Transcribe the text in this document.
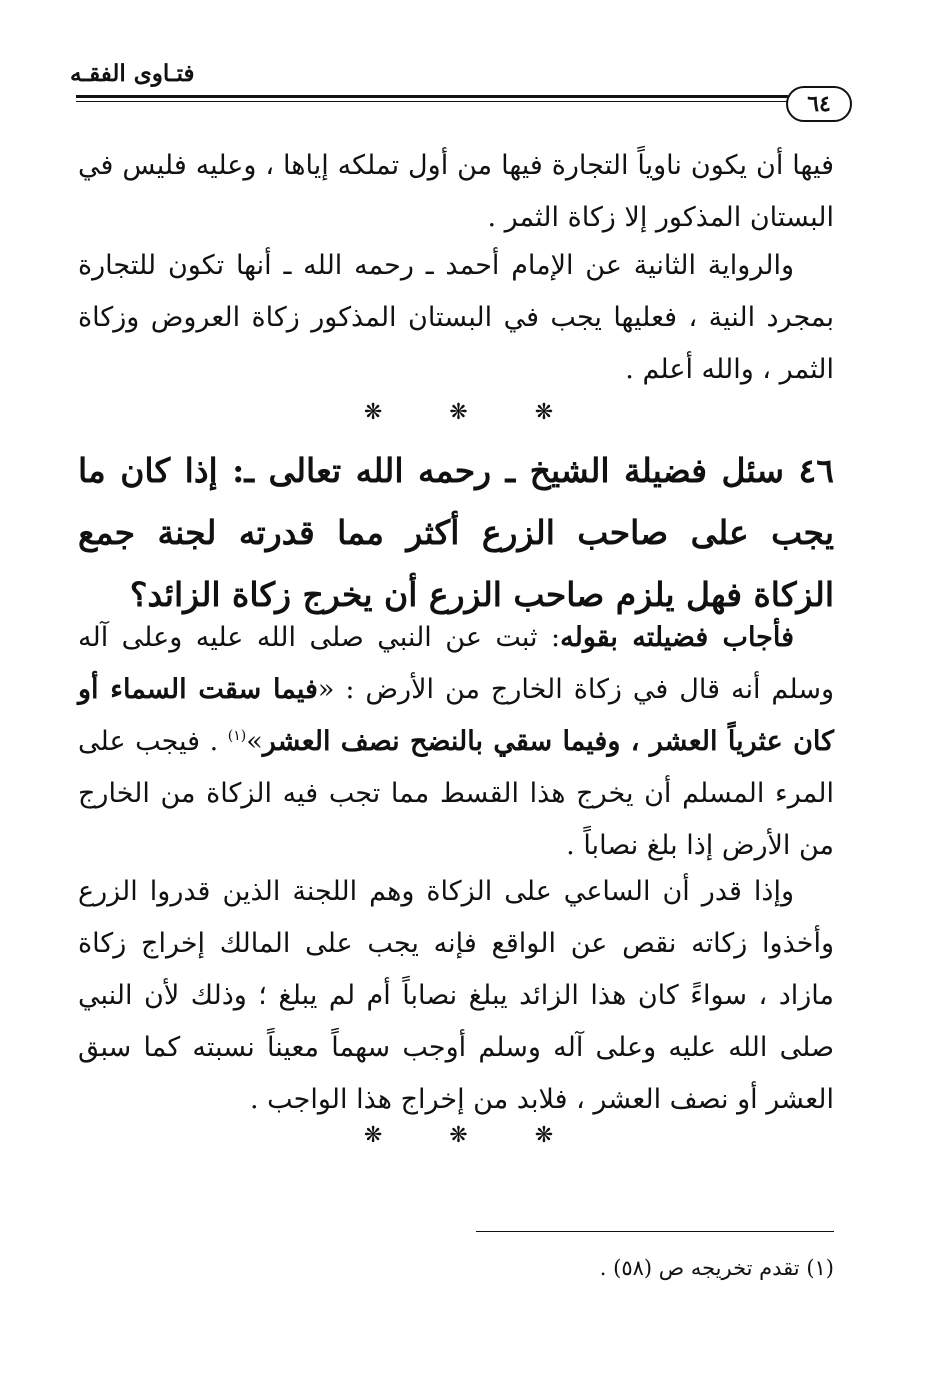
فتـاوى الفقـه
٦٤
فيها أن يكون ناوياً التجارة فيها من أول تملكه إياها ، وعليه فليس في البستان المذكور إلا زكاة الثمر .
والرواية الثانية عن الإمام أحمد ـ رحمه الله ـ أنها تكون للتجارة بمجرد النية ، فعليها يجب في البستان المذكور زكاة العروض وزكاة الثمر ، والله أعلم .
❋ ❋ ❋
٤٦ سئل فضيلة الشيخ ـ رحمه الله تعالى ـ: إذا كان ما يجب على صاحب الزرع أكثر مما قدرته لجنة جمع الزكاة فهل يلزم صاحب الزرع أن يخرج زكاة الزائد؟
فأجاب فضيلته بقوله: ثبت عن النبي صلى الله عليه وعلى آله وسلم أنه قال في زكاة الخارج من الأرض : «فيما سقت السماء أو كان عثرياً العشر ، وفيما سقي بالنضح نصف العشر»$^{(١)}$ . فيجب على المرء المسلم أن يخرج هذا القسط مما تجب فيه الزكاة من الخارج من الأرض إذا بلغ نصاباً .
وإذا قدر أن الساعي على الزكاة وهم اللجنة الذين قدروا الزرع وأخذوا زكاته نقص عن الواقع فإنه يجب على المالك إخراج زكاة مازاد ، سواءً كان هذا الزائد يبلغ نصاباً أم لم يبلغ ؛ وذلك لأن النبي صلى الله عليه وعلى آله وسلم أوجب سهماً معيناً نسبته كما سبق العشر أو نصف العشر ، فلابد من إخراج هذا الواجب .
❋ ❋ ❋
(١) تقدم تخريجه ص (٥٨) .
